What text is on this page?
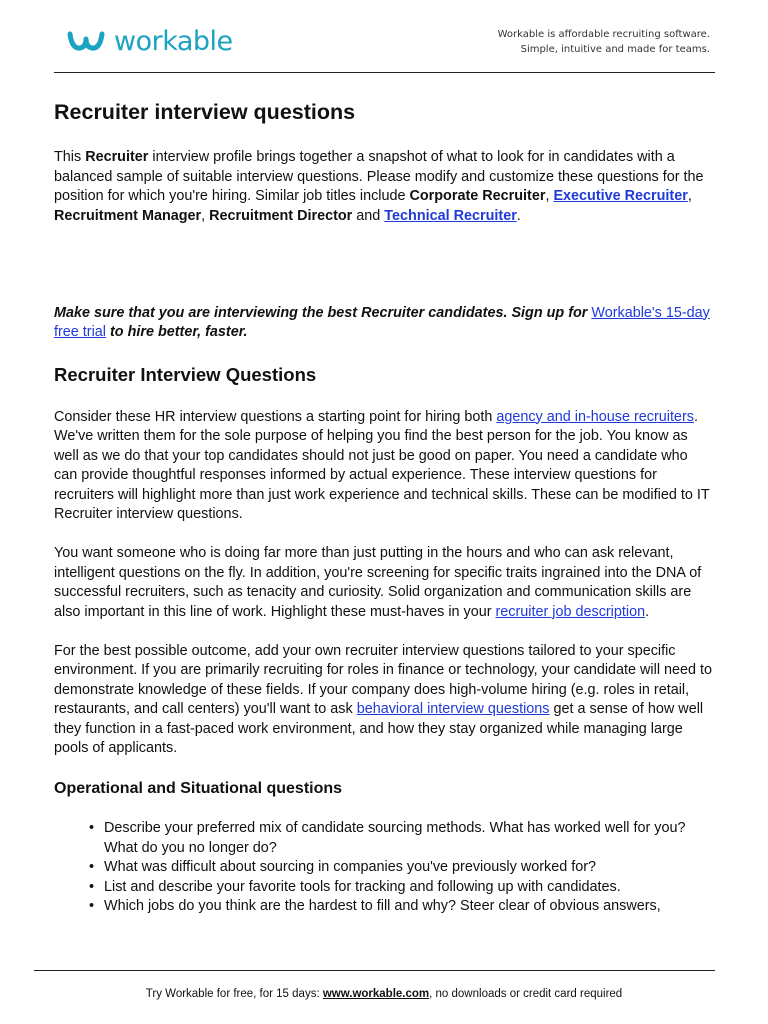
workable	Workable is affordable recruiting software.
Simple, intuitive and made for teams.
Recruiter interview questions

This Recruiter interview profile brings together a snapshot of what to look for in candidates with a balanced sample of suitable interview questions. Please modify and customize these questions for the position for which you're hiring. Similar job titles include Corporate Recruiter, Executive Recruiter, Recruitment Manager, Recruitment Director and Technical Recruiter.

Make sure that you are interviewing the best Recruiter candidates. Sign up for Workable's 15-day free trial to hire better, faster.

Recruiter Interview Questions

Consider these HR interview questions a starting point for hiring both agency and in-house recruiters. We've written them for the sole purpose of helping you find the best person for the job. You know as well as we do that your top candidates should not just be good on paper. You need a candidate who can provide thoughtful responses informed by actual experience. These interview questions for recruiters will highlight more than just work experience and technical skills. These can be modified to IT Recruiter interview questions.

You want someone who is doing far more than just putting in the hours and who can ask relevant, intelligent questions on the fly. In addition, you're screening for specific traits ingrained into the DNA of successful recruiters, such as tenacity and curiosity. Solid organization and communication skills are also important in this line of work. Highlight these must-haves in your recruiter job description.

For the best possible outcome, add your own recruiter interview questions tailored to your specific environment. If you are primarily recruiting for roles in finance or technology, your candidate will need to demonstrate knowledge of these fields. If your company does high-volume hiring (e.g. roles in retail, restaurants, and call centers) you'll want to ask behavioral interview questions get a sense of how well they function in a fast-paced work environment, and how they stay organized while managing large pools of applicants.

Operational and Situational questions
• Describe your preferred mix of candidate sourcing methods. What has worked well for you? What do you no longer do?
• What was difficult about sourcing in companies you've previously worked for?
• List and describe your favorite tools for tracking and following up with candidates.
• Which jobs do you think are the hardest to fill and why? Steer clear of obvious answers,
Try Workable for free, for 15 days: www.workable.com, no downloads or credit card required
